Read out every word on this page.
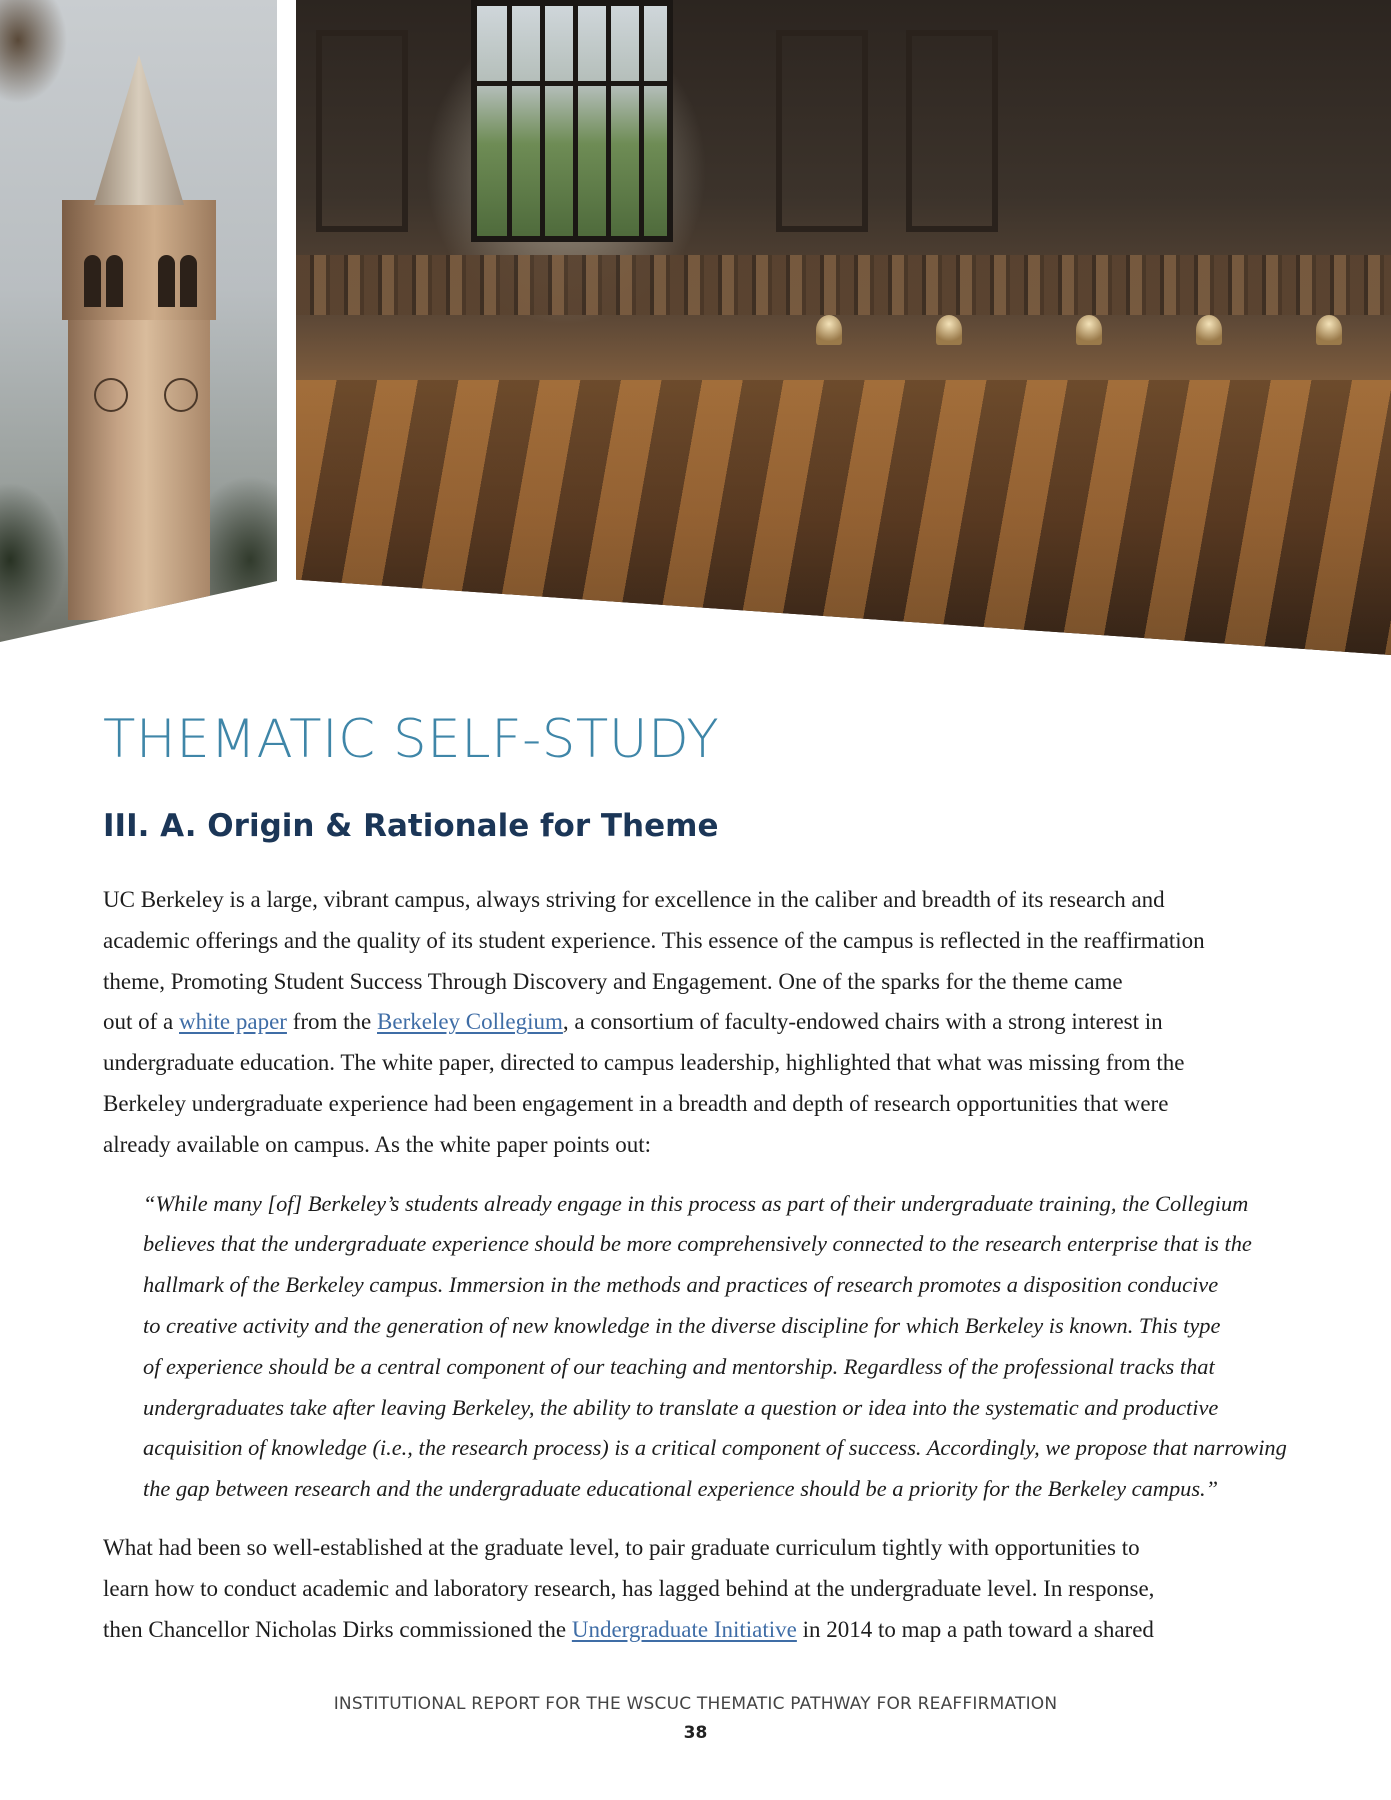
THEMATIC SELF-STUDY
III. A. Origin & Rationale for Theme

UC Berkeley is a large, vibrant campus, always striving for excellence in the caliber and breadth of its research and
academic offerings and the quality of its student experience. This essence of the campus is reflected in the reaffirmation
theme, Promoting Student Success Through Discovery and Engagement. One of the sparks for the theme came
out of a white paper from the Berkeley Collegium, a consortium of faculty-endowed chairs with a strong interest in
undergraduate education. The white paper, directed to campus leadership, highlighted that what was missing from the
Berkeley undergraduate experience had been engagement in a breadth and depth of research opportunities that were
already available on campus. As the white paper points out:

“While many [of] Berkeley’s students already engage in this process as part of their undergraduate training, the Collegium
believes that the undergraduate experience should be more comprehensively connected to the research enterprise that is the
hallmark of the Berkeley campus. Immersion in the methods and practices of research promotes a disposition conducive
to creative activity and the generation of new knowledge in the diverse discipline for which Berkeley is known. This type
of experience should be a central component of our teaching and mentorship. Regardless of the professional tracks that
undergraduates take after leaving Berkeley, the ability to translate a question or idea into the systematic and productive
acquisition of knowledge (i.e., the research process) is a critical component of success. Accordingly, we propose that narrowing
the gap between research and the undergraduate educational experience should be a priority for the Berkeley campus.”

What had been so well-established at the graduate level, to pair graduate curriculum tightly with opportunities to
learn how to conduct academic and laboratory research, has lagged behind at the undergraduate level. In response,
then Chancellor Nicholas Dirks commissioned the Undergraduate Initiative in 2014 to map a path toward a shared

INSTITUTIONAL REPORT FOR THE WSCUC THEMATIC PATHWAY FOR REAFFIRMATION
38
